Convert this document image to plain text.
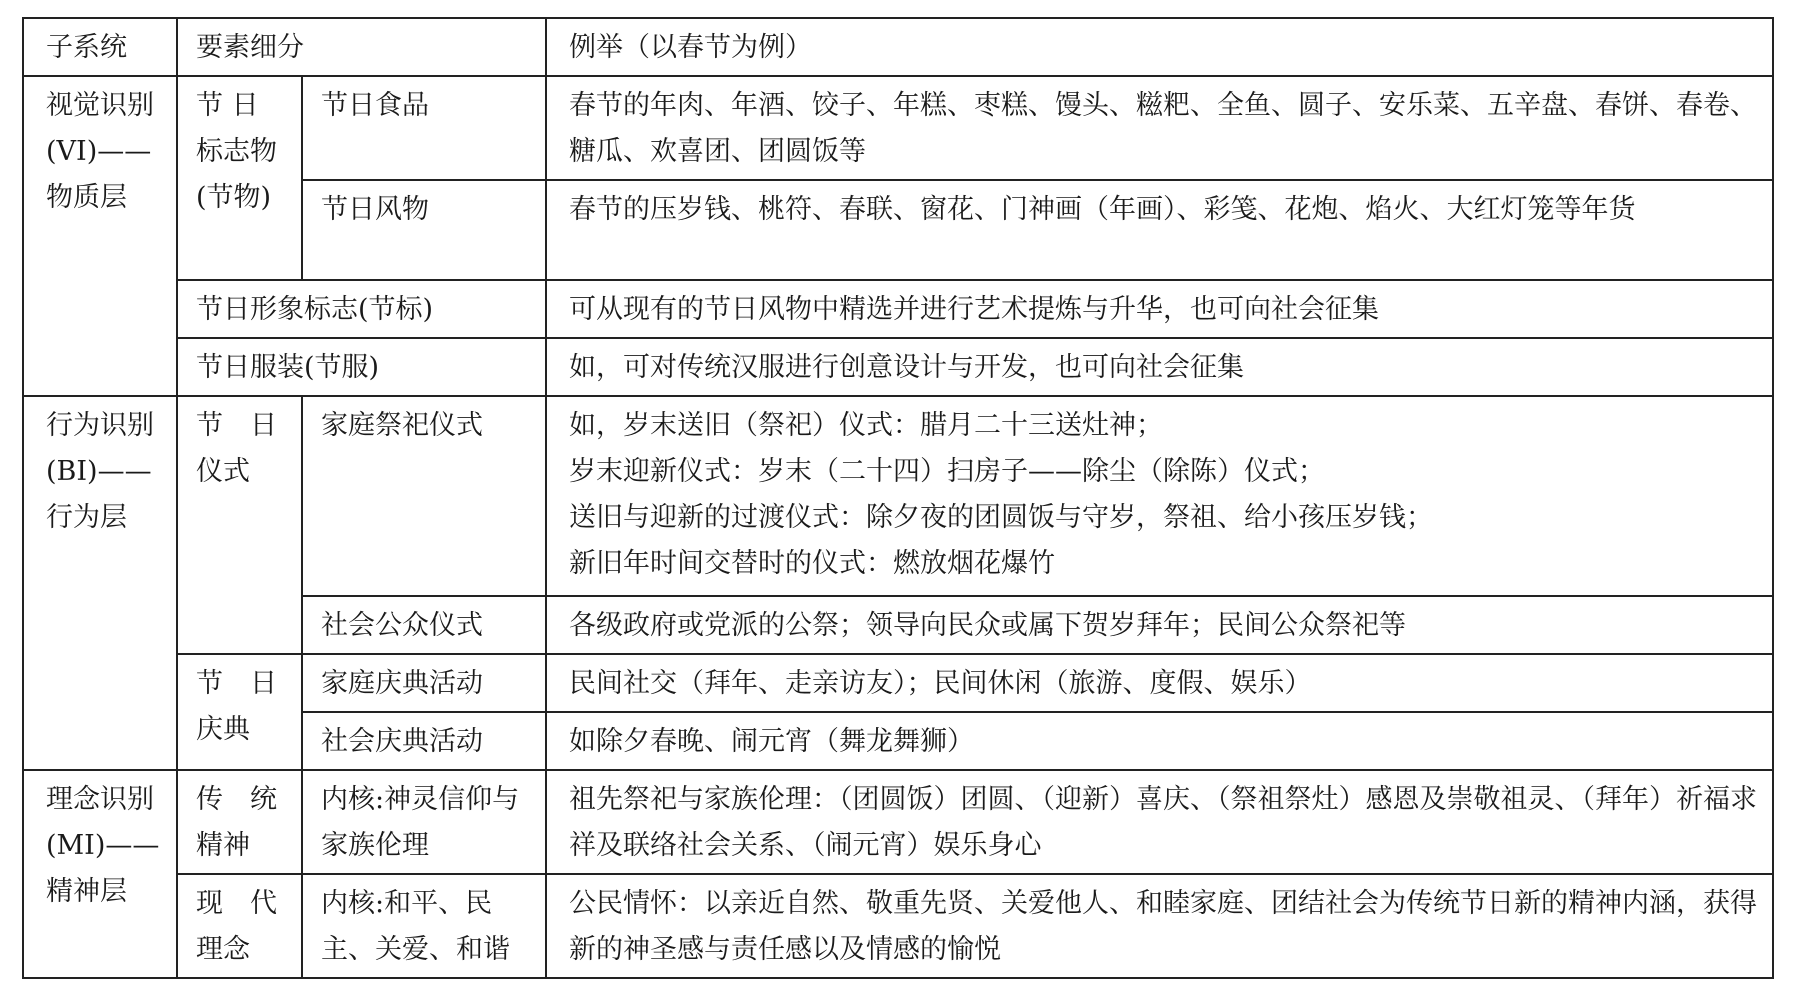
子系统	要素细分		例举（以春节为例）
视觉识别 (VI)——物质层	节 日 标志物(节物)	节日食品	春节的年肉、年酒、饺子、年糕、枣糕、馒头、糍粑、全鱼、圆子、安乐菜、五辛盘、春饼、春卷、糖瓜、欢喜团、团圆饭等
		节日风物	春节的压岁钱、桃符、春联、窗花、门神画（年画）、彩笺、花炮、焰火、大红灯笼等年货
	节日形象标志(节标)		可从现有的节日风物中精选并进行艺术提炼与升华，也可向社会征集
	节日服装(节服)		如，可对传统汉服进行创意设计与开发，也可向社会征集
行为识别 (BI)——行为层	节　日仪式	家庭祭祀仪式	如，岁末送旧（祭祀）仪式：腊月二十三送灶神；
岁末迎新仪式：岁末（二十四）扫房子——除尘（除陈）仪式；
送旧与迎新的过渡仪式：除夕夜的团圆饭与守岁，祭祖、给小孩压岁钱；
新旧年时间交替时的仪式：燃放烟花爆竹

		社会公众仪式	各级政府或党派的公祭；领导向民众或属下贺岁拜年；民间公众祭祀等
	节　日庆典	家庭庆典活动	民间社交（拜年、走亲访友）；民间休闲（旅游、度假、娱乐）
		社会庆典活动	如除夕春晚、闹元宵（舞龙舞狮）
理念识别 (MI)——精神层	传　统精神	内核:神灵信仰与家族伦理	祖先祭祀与家族伦理：（团圆饭）团圆、（迎新）喜庆、（祭祖祭灶）感恩及崇敬祖灵、（拜年）祈福求祥及联络社会关系、（闹元宵）娱乐身心
	现　代理念	内核:和平、民主、关爱、和谐	公民情怀：以亲近自然、敬重先贤、关爱他人、和睦家庭、团结社会为传统节日新的精神内涵，获得新的神圣感与责任感以及情感的愉悦
